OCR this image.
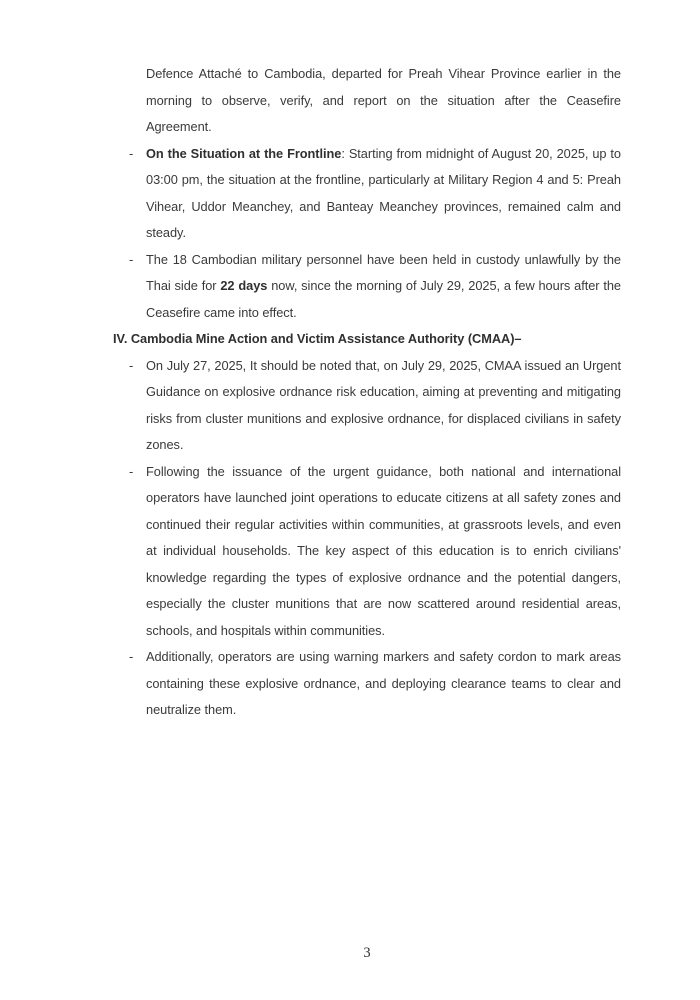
Defence Attaché to Cambodia, departed for Preah Vihear Province earlier in the morning to observe, verify, and report on the situation after the Ceasefire Agreement.
- On the Situation at the Frontline: Starting from midnight of August 20, 2025, up to 03:00 pm, the situation at the frontline, particularly at Military Region 4 and 5: Preah Vihear, Uddor Meanchey, and Banteay Meanchey provinces, remained calm and steady.
- The 18 Cambodian military personnel have been held in custody unlawfully by the Thai side for 22 days now, since the morning of July 29, 2025, a few hours after the Ceasefire came into effect.
IV. Cambodia Mine Action and Victim Assistance Authority (CMAA)–
- On July 27, 2025, It should be noted that, on July 29, 2025, CMAA issued an Urgent Guidance on explosive ordnance risk education, aiming at preventing and mitigating risks from cluster munitions and explosive ordnance, for displaced civilians in safety zones.
- Following the issuance of the urgent guidance, both national and international operators have launched joint operations to educate citizens at all safety zones and continued their regular activities within communities, at grassroots levels, and even at individual households. The key aspect of this education is to enrich civilians' knowledge regarding the types of explosive ordnance and the potential dangers, especially the cluster munitions that are now scattered around residential areas, schools, and hospitals within communities.
- Additionally, operators are using warning markers and safety cordon to mark areas containing these explosive ordnance, and deploying clearance teams to clear and neutralize them.
3
